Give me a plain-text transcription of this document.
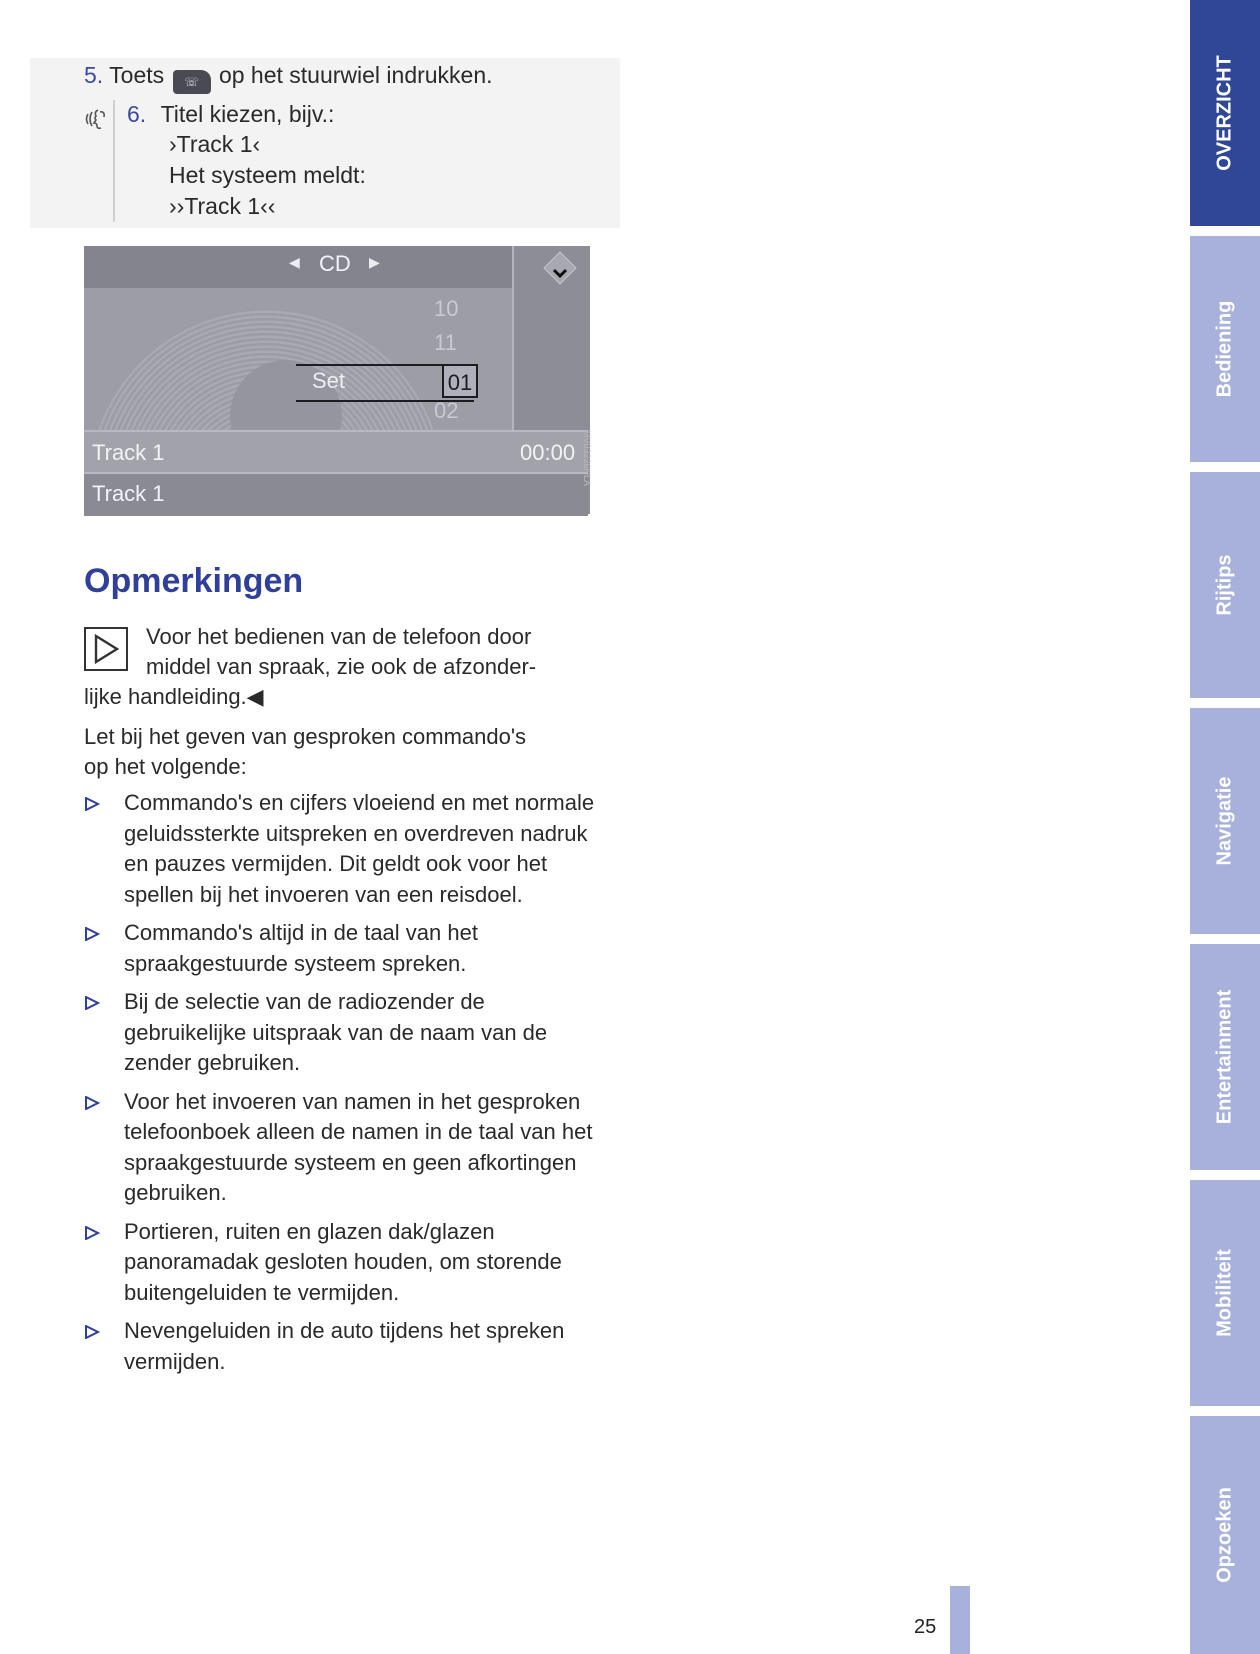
5. Toets ☏ op het stuurwiel indrukken.
6. Titel kiezen, bijv.:
›Track 1‹
Het systeem meldt:
››Track 1‹‹
◀ CD ▶
10
11
02
Set	01
Track 1	00:00
Track 1
MV03226NLA
Opmerkingen
Voor het bedienen van de telefoon door
middel van spraak, zie ook de afzonder-
lijke handleiding.◀
Let bij het geven van gesproken commando's
op het volgende:
Commando's en cijfers vloeiend en met normale geluidssterkte uitspreken en overdreven nadruk en pauzes vermijden. Dit geldt ook voor het spellen bij het invoeren van een reisdoel.
Commando's altijd in de taal van het spraakgestuurde systeem spreken.
Bij de selectie van de radiozender de gebruikelijke uitspraak van de naam van de zender gebruiken.
Voor het invoeren van namen in het gesproken telefoonboek alleen de namen in de taal van het spraakgestuurde systeem en geen afkortingen gebruiken.
Portieren, ruiten en glazen dak/glazen panoramadak gesloten houden, om storende buitengeluiden te vermijden.
Nevengeluiden in de auto tijdens het spreken vermijden.
25
OVERZICHT
Bediening
Rijtips
Navigatie
Entertainment
Mobiliteit
Opzoeken
